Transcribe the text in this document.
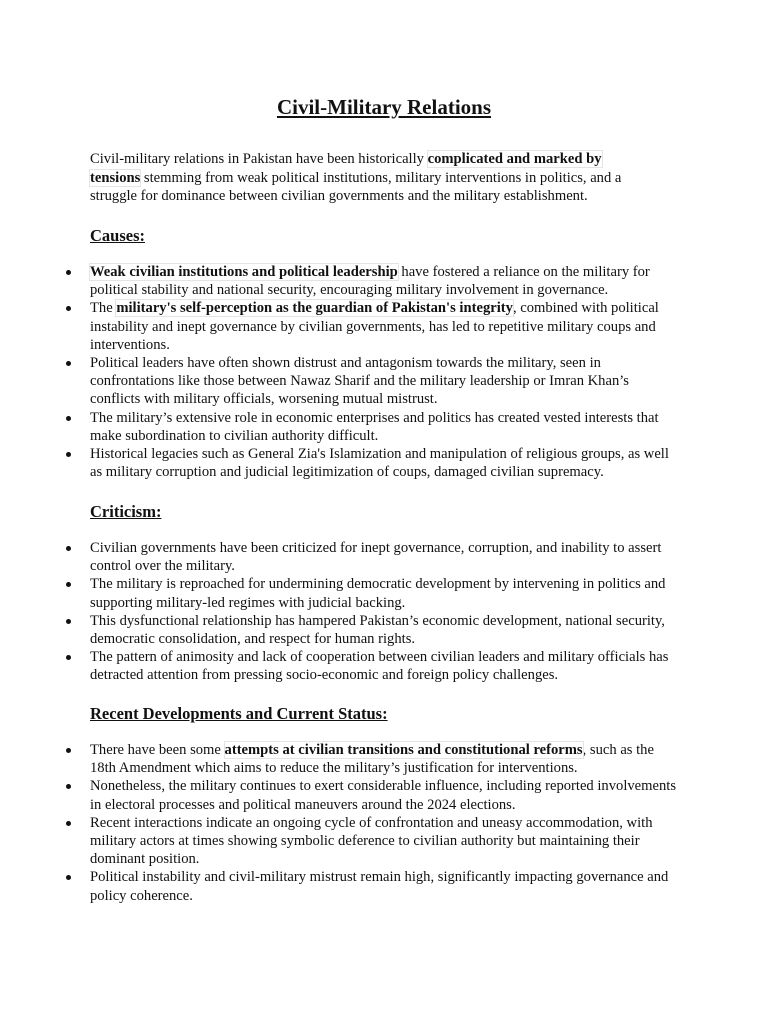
Civil-Military Relations

Civil-military relations in Pakistan have been historically complicated and marked by tensions stemming from weak political institutions, military interventions in politics, and a struggle for dominance between civilian governments and the military establishment.

Causes:
Weak civilian institutions and political leadership have fostered a reliance on the military for political stability and national security, encouraging military involvement in governance.
The military's self-perception as the guardian of Pakistan's integrity, combined with political instability and inept governance by civilian governments, has led to repetitive military coups and interventions.
Political leaders have often shown distrust and antagonism towards the military, seen in confrontations like those between Nawaz Sharif and the military leadership or Imran Khan’s conflicts with military officials, worsening mutual mistrust.
The military’s extensive role in economic enterprises and politics has created vested interests that make subordination to civilian authority difficult.
Historical legacies such as General Zia's Islamization and manipulation of religious groups, as well as military corruption and judicial legitimization of coups, damaged civilian supremacy.
Criticism:
Civilian governments have been criticized for inept governance, corruption, and inability to assert control over the military.
The military is reproached for undermining democratic development by intervening in politics and supporting military-led regimes with judicial backing.
This dysfunctional relationship has hampered Pakistan’s economic development, national security, democratic consolidation, and respect for human rights.
The pattern of animosity and lack of cooperation between civilian leaders and military officials has detracted attention from pressing socio-economic and foreign policy challenges.
Recent Developments and Current Status:
There have been some attempts at civilian transitions and constitutional reforms, such as the 18th Amendment which aims to reduce the military’s justification for interventions.
Nonetheless, the military continues to exert considerable influence, including reported involvements in electoral processes and political maneuvers around the 2024 elections.
Recent interactions indicate an ongoing cycle of confrontation and uneasy accommodation, with military actors at times showing symbolic deference to civilian authority but maintaining their dominant position.
Political instability and civil-military mistrust remain high, significantly impacting governance and policy coherence.
